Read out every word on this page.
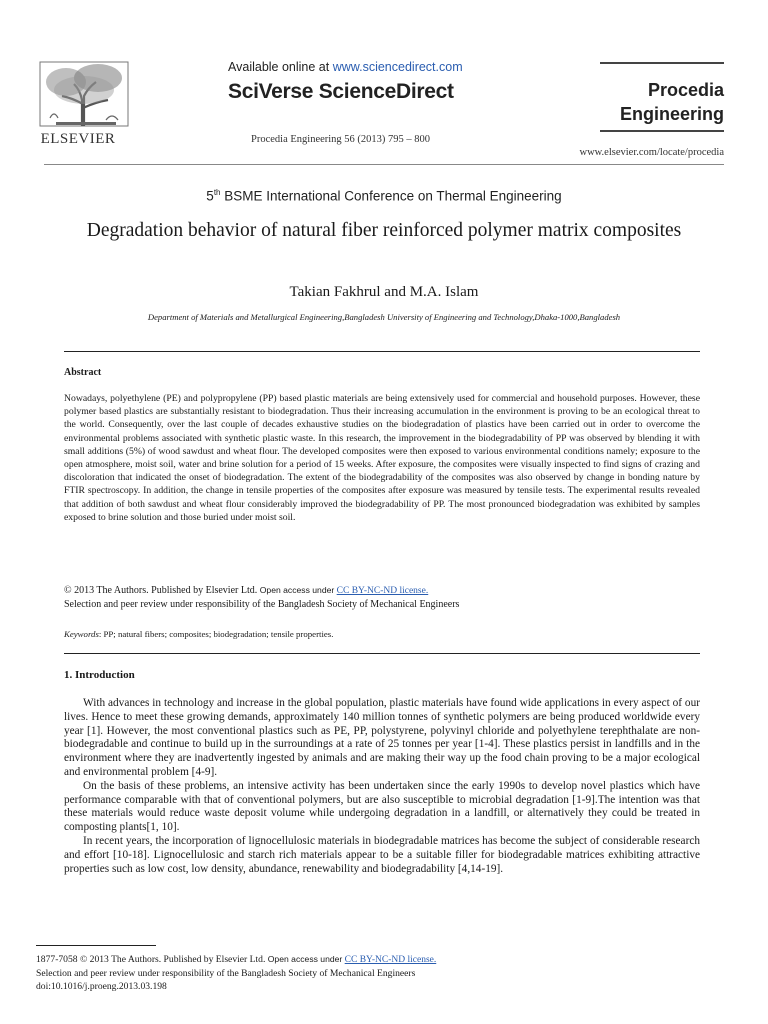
ELSEVIER
Available online at www.sciencedirect.com
SciVerse ScienceDirect
Procedia Engineering 56 (2013) 795 – 800
Procedia Engineering
www.elsevier.com/locate/procedia
5th BSME International Conference on Thermal Engineering
Degradation behavior of natural fiber reinforced polymer matrix composites
Takian Fakhrul and M.A. Islam
Department of Materials and Metallurgical Engineering,Bangladesh University of Engineering and Technology,Dhaka-1000,Bangladesh
Abstract
Nowadays, polyethylene (PE) and polypropylene (PP) based plastic materials are being extensively used for commercial and household purposes. However, these polymer based plastics are substantially resistant to biodegradation. Thus their increasing accumulation in the environment is proving to be an ecological threat to the world. Consequently, over the last couple of decades exhaustive studies on the biodegradation of plastics have been carried out in order to overcome the environmental problems associated with synthetic plastic waste. In this research, the improvement in the biodegradability of PP was observed by blending it with small additions (5%) of wood sawdust and wheat flour. The developed composites were then exposed to various environmental conditions namely; exposure to the open atmosphere, moist soil, water and brine solution for a period of 15 weeks. After exposure, the composites were visually inspected to find signs of crazing and discoloration that indicated the onset of biodegradation. The extent of the biodegradability of the composites was also observed by change in bonding nature by FTIR spectroscopy. In addition, the change in tensile properties of the composites after exposure was measured by tensile tests. The experimental results revealed that addition of both sawdust and wheat flour considerably improved the biodegradability of PP. The most pronounced biodegradation was exhibited by samples exposed to brine solution and those buried under moist soil.
© 2013 The Authors. Published by Elsevier Ltd. Open access under CC BY-NC-ND license.
Selection and peer review under responsibility of the Bangladesh Society of Mechanical Engineers
Keywords: PP; natural fibers; composites; biodegradation; tensile properties.
1. Introduction

With advances in technology and increase in the global population, plastic materials have found wide applications in every aspect of our lives. Hence to meet these growing demands, approximately 140 million tonnes of synthetic polymers are being produced worldwide every year [1]. However, the most conventional plastics such as PE, PP, polystyrene, polyvinyl chloride and polyethylene terephthalate are non-biodegradable and continue to build up in the surroundings at a rate of 25 tonnes per year [1-4]. These plastics persist in landfills and in the environment where they are inadvertently ingested by animals and are making their way up the food chain proving to be a major ecological and environmental problem [4-9].

On the basis of these problems, an intensive activity has been undertaken since the early 1990s to develop novel plastics which have performance comparable with that of conventional polymers, but are also susceptible to microbial degradation [1-9].The intention was that these materials would reduce waste deposit volume while undergoing degradation in a landfill, or alternatively they could be treated in composting plants[1, 10].

In recent years, the incorporation of lignocellulosic materials in biodegradable matrices has become the subject of considerable research and effort [10-18]. Lignocellulosic and starch rich materials appear to be a suitable filler for biodegradable matrices exhibiting attractive properties such as low cost, low density, abundance, renewability and biodegradability [4,14-19].

1877-7058 © 2013 The Authors. Published by Elsevier Ltd. Open access under CC BY-NC-ND license.
Selection and peer review under responsibility of the Bangladesh Society of Mechanical Engineers
doi:10.1016/j.proeng.2013.03.198
